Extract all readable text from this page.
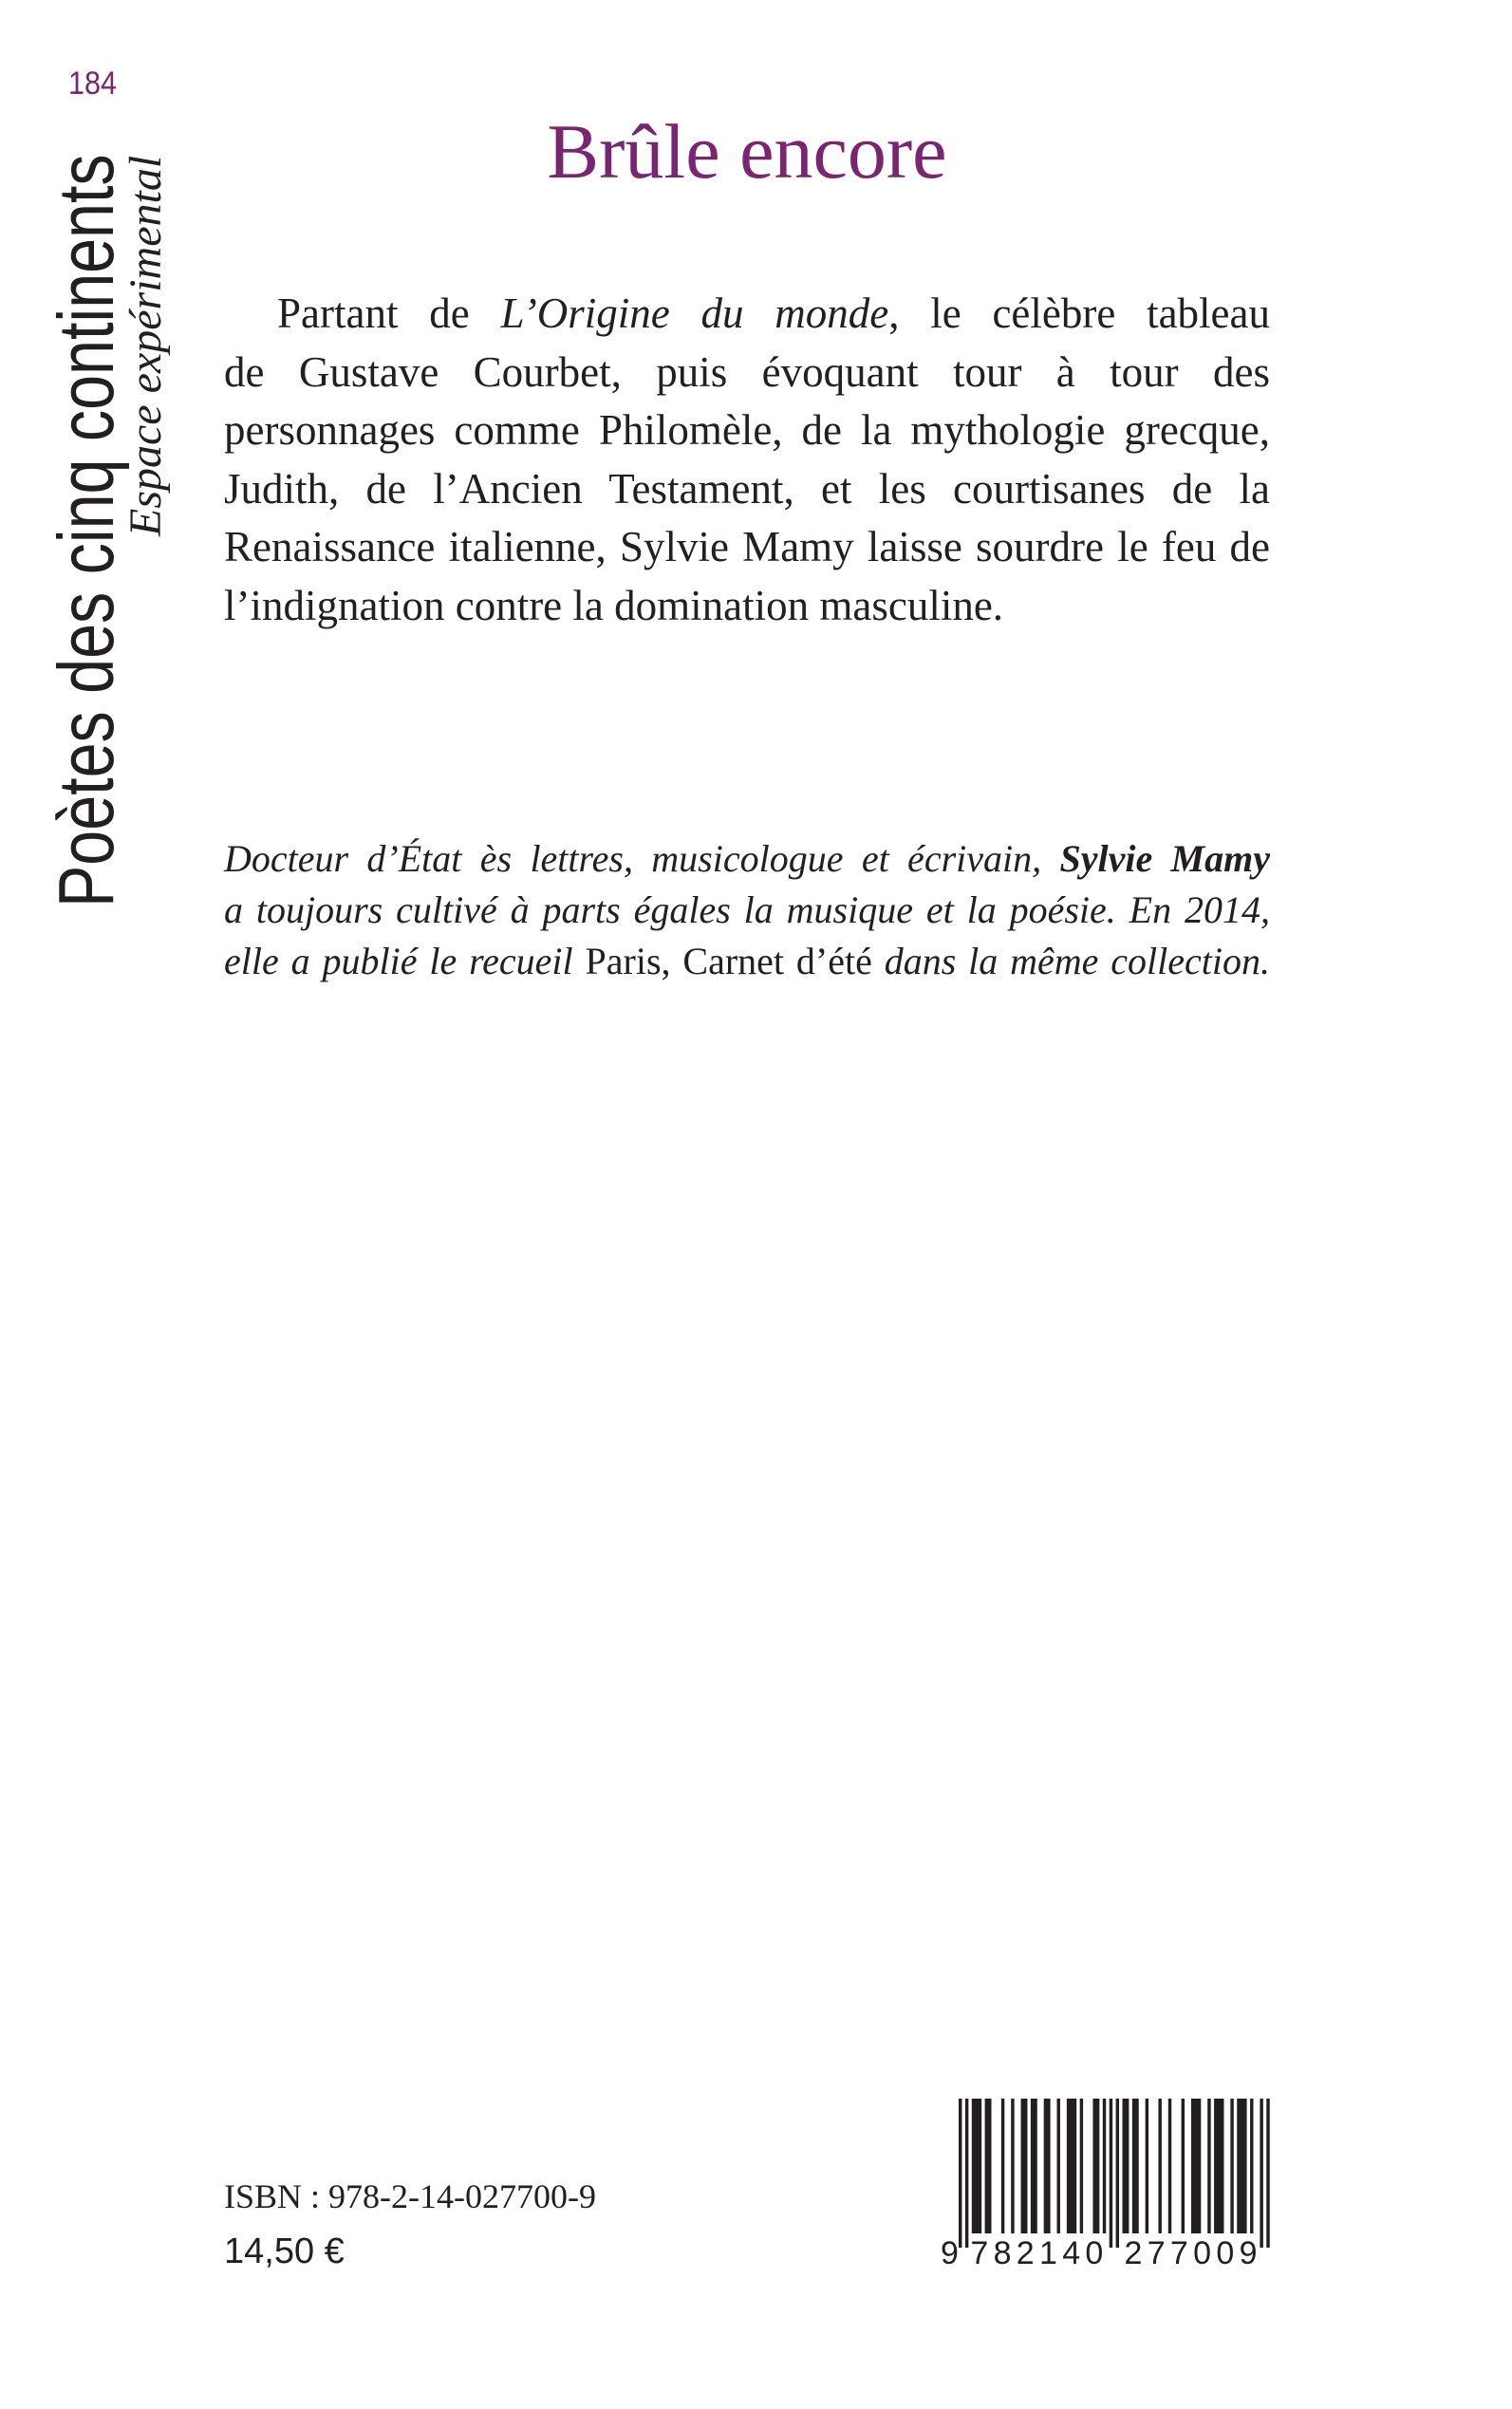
184
Poètes des cinq continents
Espace expérimental
Brûle encore
Partant de L’Origine du monde, le célèbre tableau
de Gustave Courbet, puis évoquant tour à tour des
personnages comme Philomèle, de la mythologie grecque,
Judith, de l’Ancien Testament, et les courtisanes de la
Renaissance italienne, Sylvie Mamy laisse sourdre le feu de
l’indignation contre la domination masculine.
Docteur d’État ès lettres, musicologue et écrivain, Sylvie Mamy
a toujours cultivé à parts égales la musique et la poésie. En 2014,
elle a publié le recueil Paris, Carnet d’été dans la même collection.
ISBN : 978-2-14-027700-9
14,50 €	9 782140 277009
